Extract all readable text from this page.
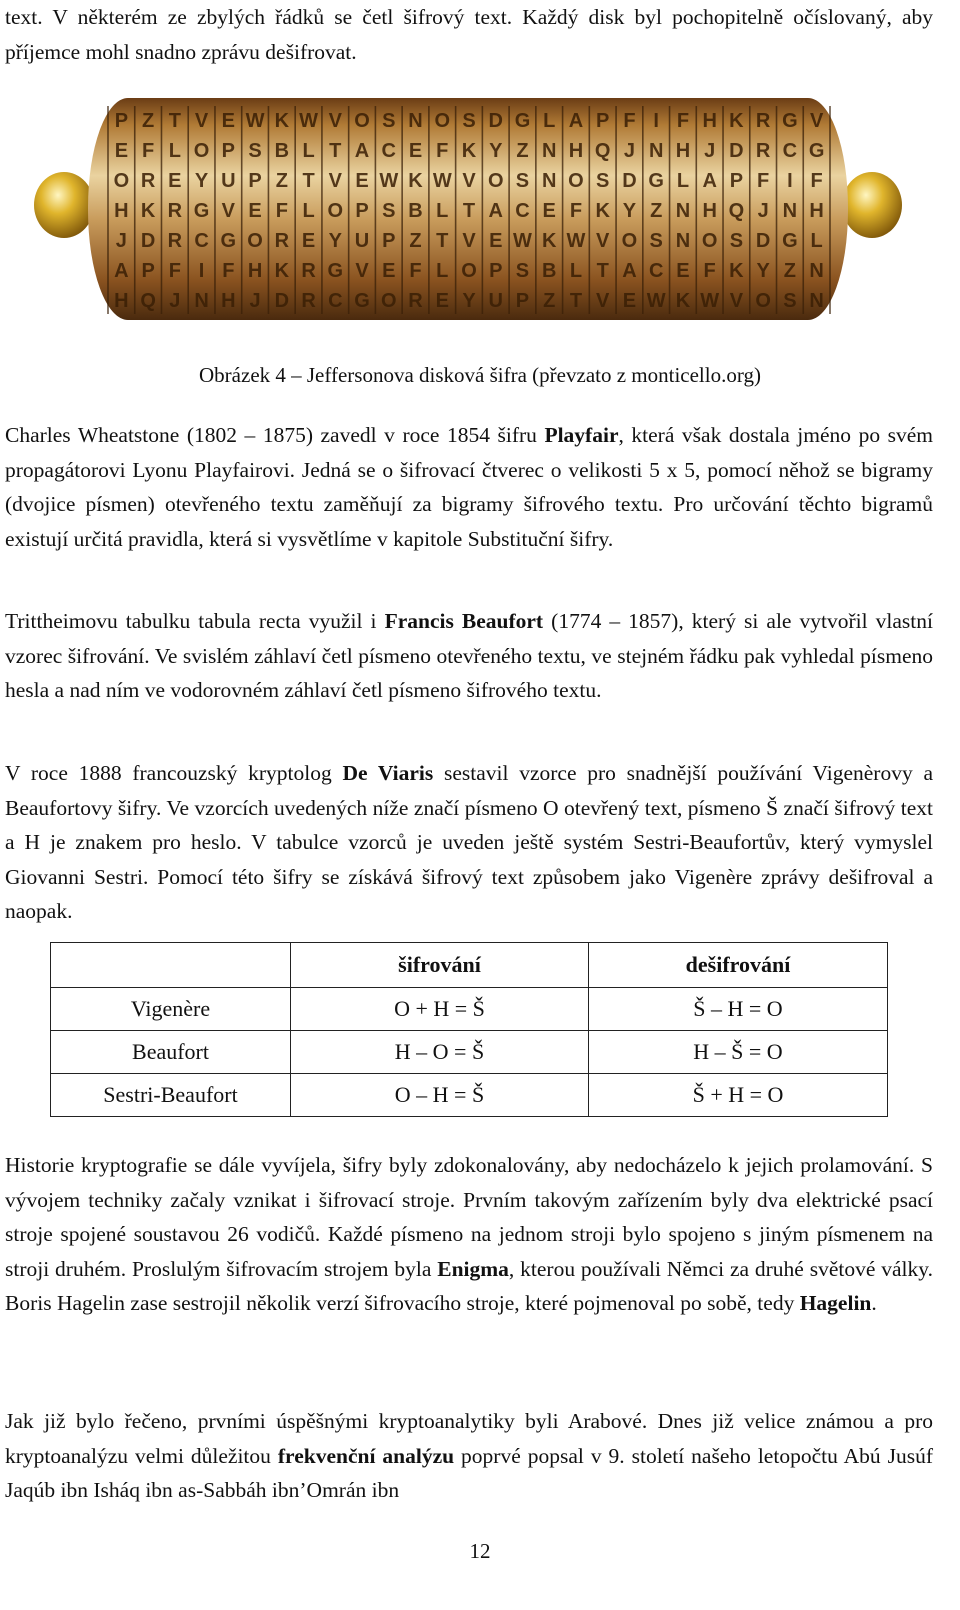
text. V některém ze zbylých řádků se četl šifrový text. Každý disk byl pochopitelně očíslovaný, aby příjemce mohl snadno zprávu dešifrovat.

P Z T V E W K W V O S N O S D G L A P F I F H K R G V
E F L O P S B L T A C E F K Y Z N H Q J N H J D R C G
O R E Y U P Z T V E W K W V O S N O S D G L A P F I F
H K R G V E F L O P S B L T A C E F K Y Z N H Q J N H
J D R C G O R E Y U P Z T V E W K W V O S N O S D G L
A P F I F H K R G V E F L O P S B L T A C E F K Y Z N
H Q J N H J D R C G O R E Y U P Z T V E W K W V O S N

Obrázek 4 – Jeffersonova disková šifra (převzato z monticello.org)

Charles Wheatstone (1802 – 1875) zavedl v roce 1854 šifru Playfair, která však dostala jméno po svém propagátorovi Lyonu Playfairovi. Jedná se o šifrovací čtverec o velikosti 5 x 5, pomocí něhož se bigramy (dvojice písmen) otevřeného textu zaměňují za bigramy šifrového textu. Pro určování těchto bigramů existují určitá pravidla, která si vysvětlíme v kapitole Substituční šifry.

Trittheimovu tabulku tabula recta využil i Francis Beaufort (1774 – 1857), který si ale vytvořil vlastní vzorec šifrování. Ve svislém záhlaví četl písmeno otevřeného textu, ve stejném řádku pak vyhledal písmeno hesla a nad ním ve vodorovném záhlaví četl písmeno šifrového textu.

V roce 1888 francouzský kryptolog De Viaris sestavil vzorce pro snadnější používání Vigenèrovy a Beaufortovy šifry. Ve vzorcích uvedených níže značí písmeno O otevřený text, písmeno Š značí šifrový text a H je znakem pro heslo. V tabulce vzorců je uveden ještě systém Sestri-Beaufortův, který vymyslel Giovanni Sestri. Pomocí této šifry se získává šifrový text způsobem jako Vigenère zprávy dešifroval a naopak.

	šifrování	dešifrování
Vigenère	O + H = Š	Š – H = O
Beaufort	H – O = Š	H – Š = O
Sestri-Beaufort	O – H = Š	Š + H = O

Historie kryptografie se dále vyvíjela, šifry byly zdokonalovány, aby nedocházelo k jejich prolamování. S vývojem techniky začaly vznikat i šifrovací stroje. Prvním takovým zařízením byly dva elektrické psací stroje spojené soustavou 26 vodičů. Každé písmeno na jednom stroji bylo spojeno s jiným písmenem na stroji druhém. Proslulým šifrovacím strojem byla Enigma, kterou používali Němci za druhé světové války. Boris Hagelin zase sestrojil několik verzí šifrovacího stroje, které pojmenoval po sobě, tedy Hagelin.

Jak již bylo řečeno, prvními úspěšnými kryptoanalytiky byli Arabové. Dnes již velice známou a pro kryptoanalýzu velmi důležitou frekvenční analýzu poprvé popsal v 9. století našeho letopočtu Abú Jusúf Jaqúb ibn Isháq ibn as-Sabbáh ibn’Omrán ibn

12
